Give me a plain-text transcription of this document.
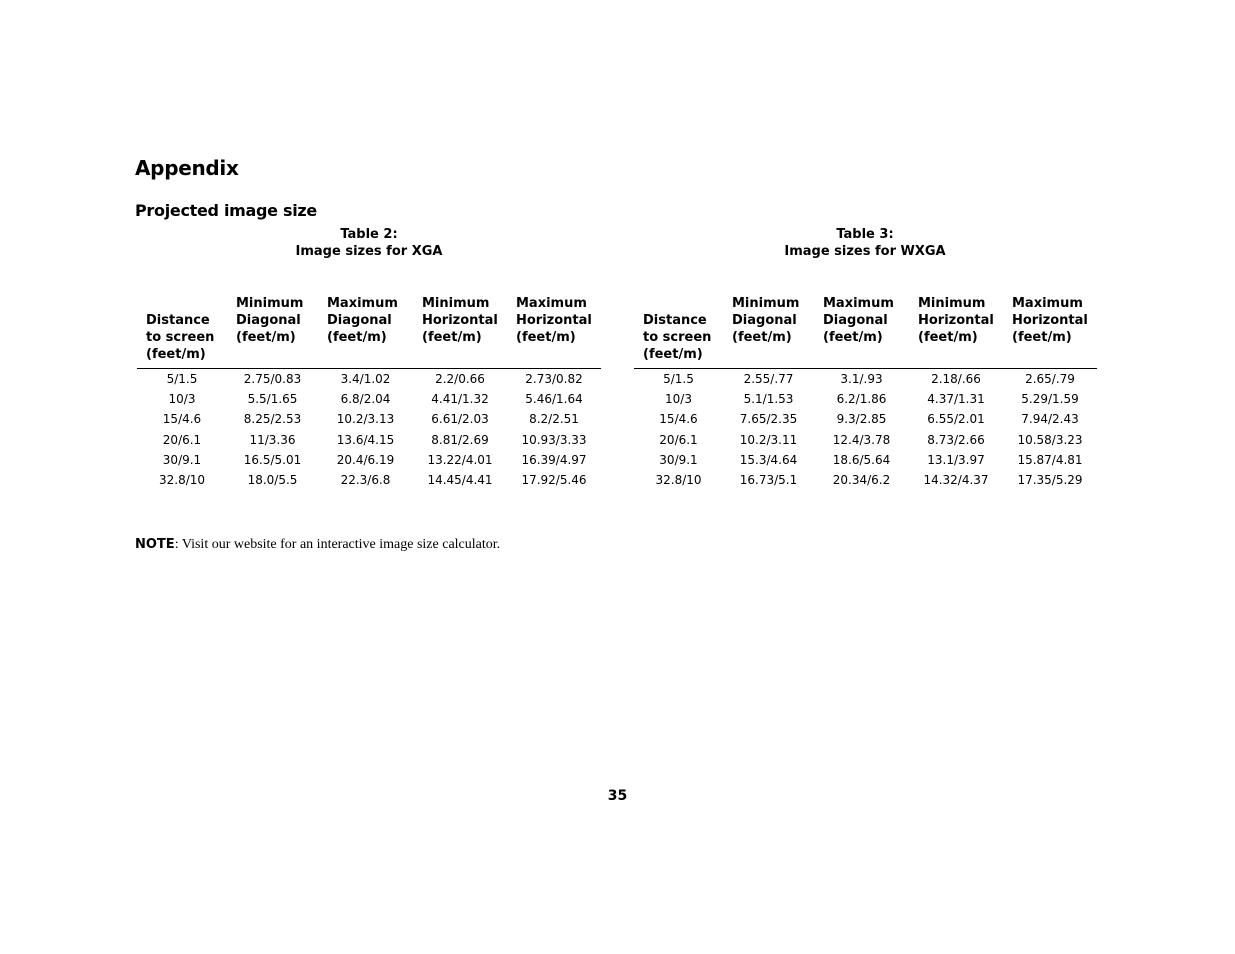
Appendix
Projected image size
Table 2:
Image sizes for XGA
Table 3:
Image sizes for WXGA
Distance
to screen
(feet/m)	Minimum
Diagonal
(feet/m)	Maximum
Diagonal
(feet/m)	Minimum
Horizontal
(feet/m)	Maximum
Horizontal
(feet/m)

5/1.5	2.75/0.83	3.4/1.02	2.2/0.66	2.73/0.82
10/3	5.5/1.65	6.8/2.04	4.41/1.32	5.46/1.64
15/4.6	8.25/2.53	10.2/3.13	6.61/2.03	8.2/2.51
20/6.1	11/3.36	13.6/4.15	8.81/2.69	10.93/3.33
30/9.1	16.5/5.01	20.4/6.19	13.22/4.01	16.39/4.97
32.8/10	18.0/5.5	22.3/6.8	14.45/4.41	17.92/5.46
Distance
to screen
(feet/m)	Minimum
Diagonal
(feet/m)	Maximum
Diagonal
(feet/m)	Minimum
Horizontal
(feet/m)	Maximum
Horizontal
(feet/m)

5/1.5	2.55/.77	3.1/.93	2.18/.66	2.65/.79
10/3	5.1/1.53	6.2/1.86	4.37/1.31	5.29/1.59
15/4.6	7.65/2.35	9.3/2.85	6.55/2.01	7.94/2.43
20/6.1	10.2/3.11	12.4/3.78	8.73/2.66	10.58/3.23
30/9.1	15.3/4.64	18.6/5.64	13.1/3.97	15.87/4.81
32.8/10	16.73/5.1	20.34/6.2	14.32/4.37	17.35/5.29
NOTE: Visit our website for an interactive image size calculator.
35
